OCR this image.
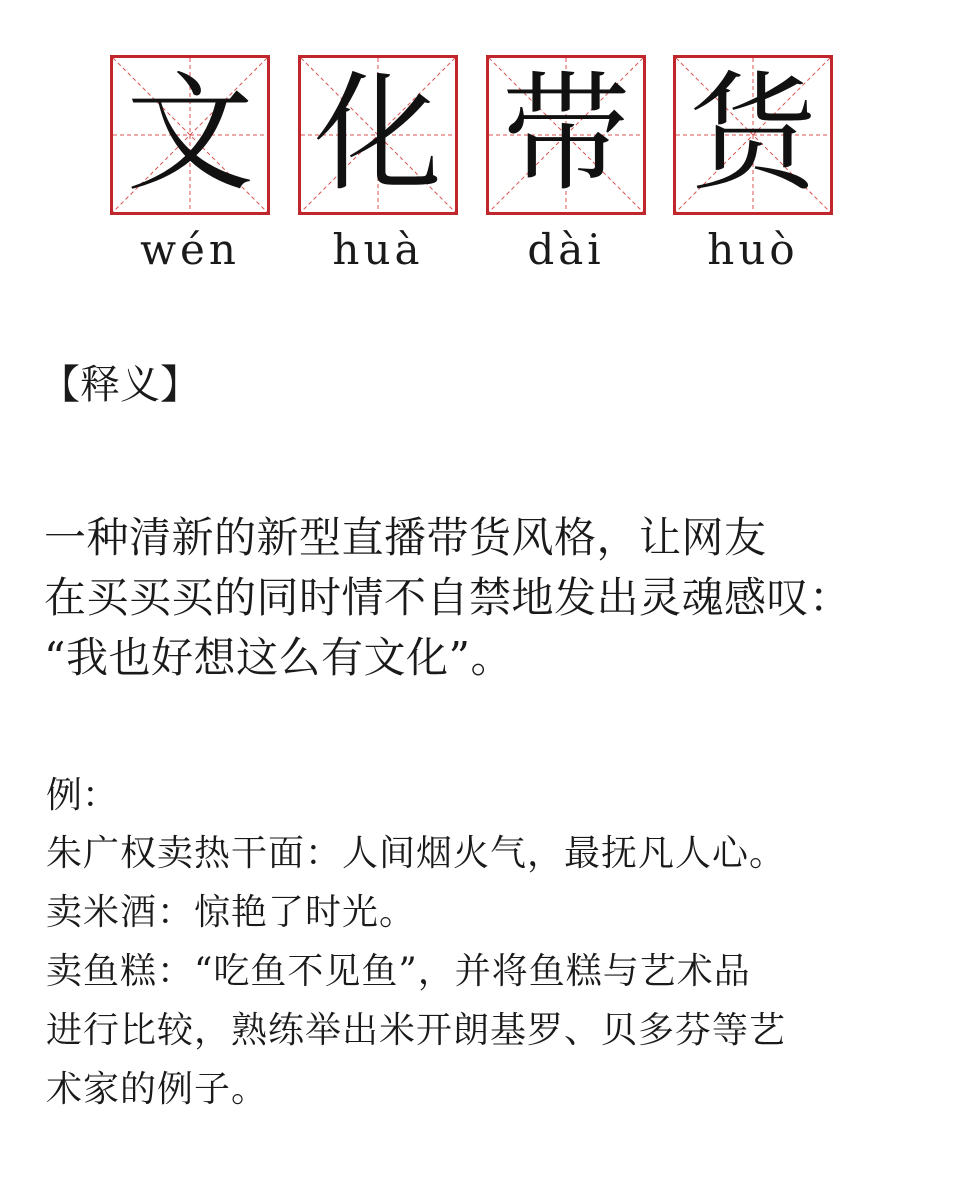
文 化 带 货
wén	huà	dài	huò
【释义】
一种清新的新型直播带货风格，让网友
在买买买的同时情不自禁地发出灵魂感叹：
“我也好想这么有文化”。
例：
朱广权卖热干面：人间烟火气，最抚凡人心。
卖米酒：惊艳了时光。
卖鱼糕：“吃鱼不见鱼”，并将鱼糕与艺术品
进行比较，熟练举出米开朗基罗、贝多芬等艺
术家的例子。
